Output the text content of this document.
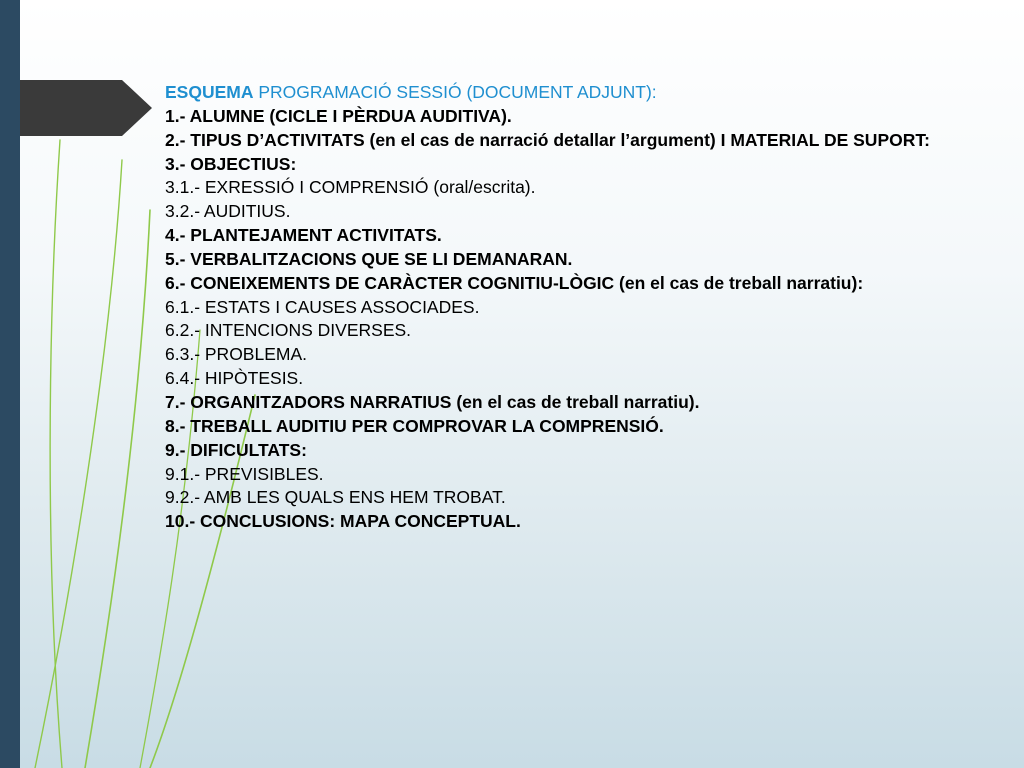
ESQUEMA PROGRAMACIÓ SESSIÓ (DOCUMENT ADJUNT):
1.- ALUMNE (CICLE I PÈRDUA AUDITIVA).
2.- TIPUS D’ACTIVITATS (en el cas de narració detallar l’argument) I MATERIAL DE SUPORT:
3.- OBJECTIUS:
3.1.- EXRESSIÓ I COMPRENSIÓ (oral/escrita).
3.2.- AUDITIUS.
4.- PLANTEJAMENT ACTIVITATS.
5.- VERBALITZACIONS QUE SE LI DEMANARAN.
6.- CONEIXEMENTS DE CARÀCTER COGNITIU-LÒGIC (en el cas de treball narratiu):
6.1.- ESTATS I CAUSES ASSOCIADES.
6.2.- INTENCIONS DIVERSES.
6.3.- PROBLEMA.
6.4.- HIPÒTESIS.
7.- ORGANITZADORS NARRATIUS (en el cas de treball narratiu).
8.- TREBALL AUDITIU PER COMPROVAR LA COMPRENSIÓ.
9.- DIFICULTATS:
9.1.- PREVISIBLES.
9.2.- AMB LES QUALS ENS HEM TROBAT.
10.- CONCLUSIONS: MAPA CONCEPTUAL.
